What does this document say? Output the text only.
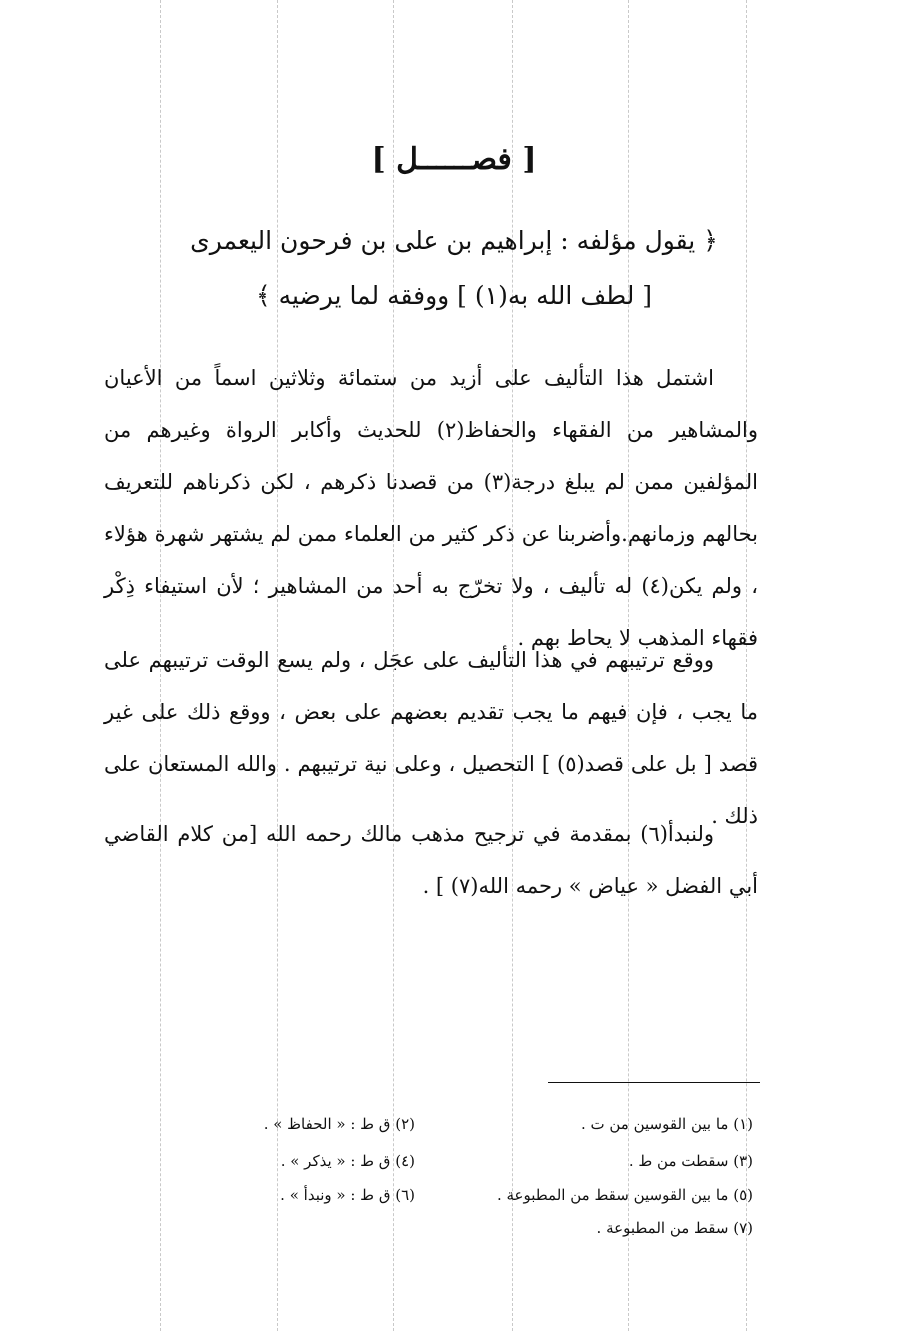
[ فصــــــل ]
﴿ يقول مؤلفه : إبراهيم بن على بن فرحون اليعمرى
[ لطف الله به(١) ] ووفقه لما يرضيه ﴾

اشتمل هذا التأليف على أزيد من ستمائة وثلاثين اسماً من الأعيان والمشاهير من الفقهاء والحفاظ(٢) للحديث وأكابر الرواة وغيرهم من المؤلفين ممن لم يبلغ درجة(٣) من قصدنا ذكرهم ، لكن ذكرناهم للتعريف بحالهم وزمانهم.وأضربنا عن ذكر كثير من العلماء ممن لم يشتهر شهرة هؤلاء ، ولم يكن(٤) له تأليف ، ولا تخرّج به أحد من المشاهير ؛ لأن استيفاء ذِكْر فقهاء المذهب لا يحاط بهم .

ووقع ترتيبهم في هذا التأليف على عجَل ، ولم يسع الوقت ترتيبهم على ما يجب ، فإن فيهم ما يجب تقديم بعضهم على بعض ، ووقع ذلك على غير قصد [ بل على قصد(٥) ] التحصيل ، وعلى نية ترتيبهم . والله المستعان على ذلك .

ولنبدأ(٦) بمقدمة في ترجيح مذهب مالك رحمه الله [من كلام القاضي أبي الفضل « عياض » رحمه الله(٧) ] .

(١) ما بين القوسين من ت .
(٢) ق ط : « الحفاظ » .
(٣) سقطت من ط .
(٤) ق ط : « يذكر » .
(٥) ما بين القوسين سقط من المطبوعة .
(٦) ق ط : « ونبدأ » .
(٧) سقط من المطبوعة .
